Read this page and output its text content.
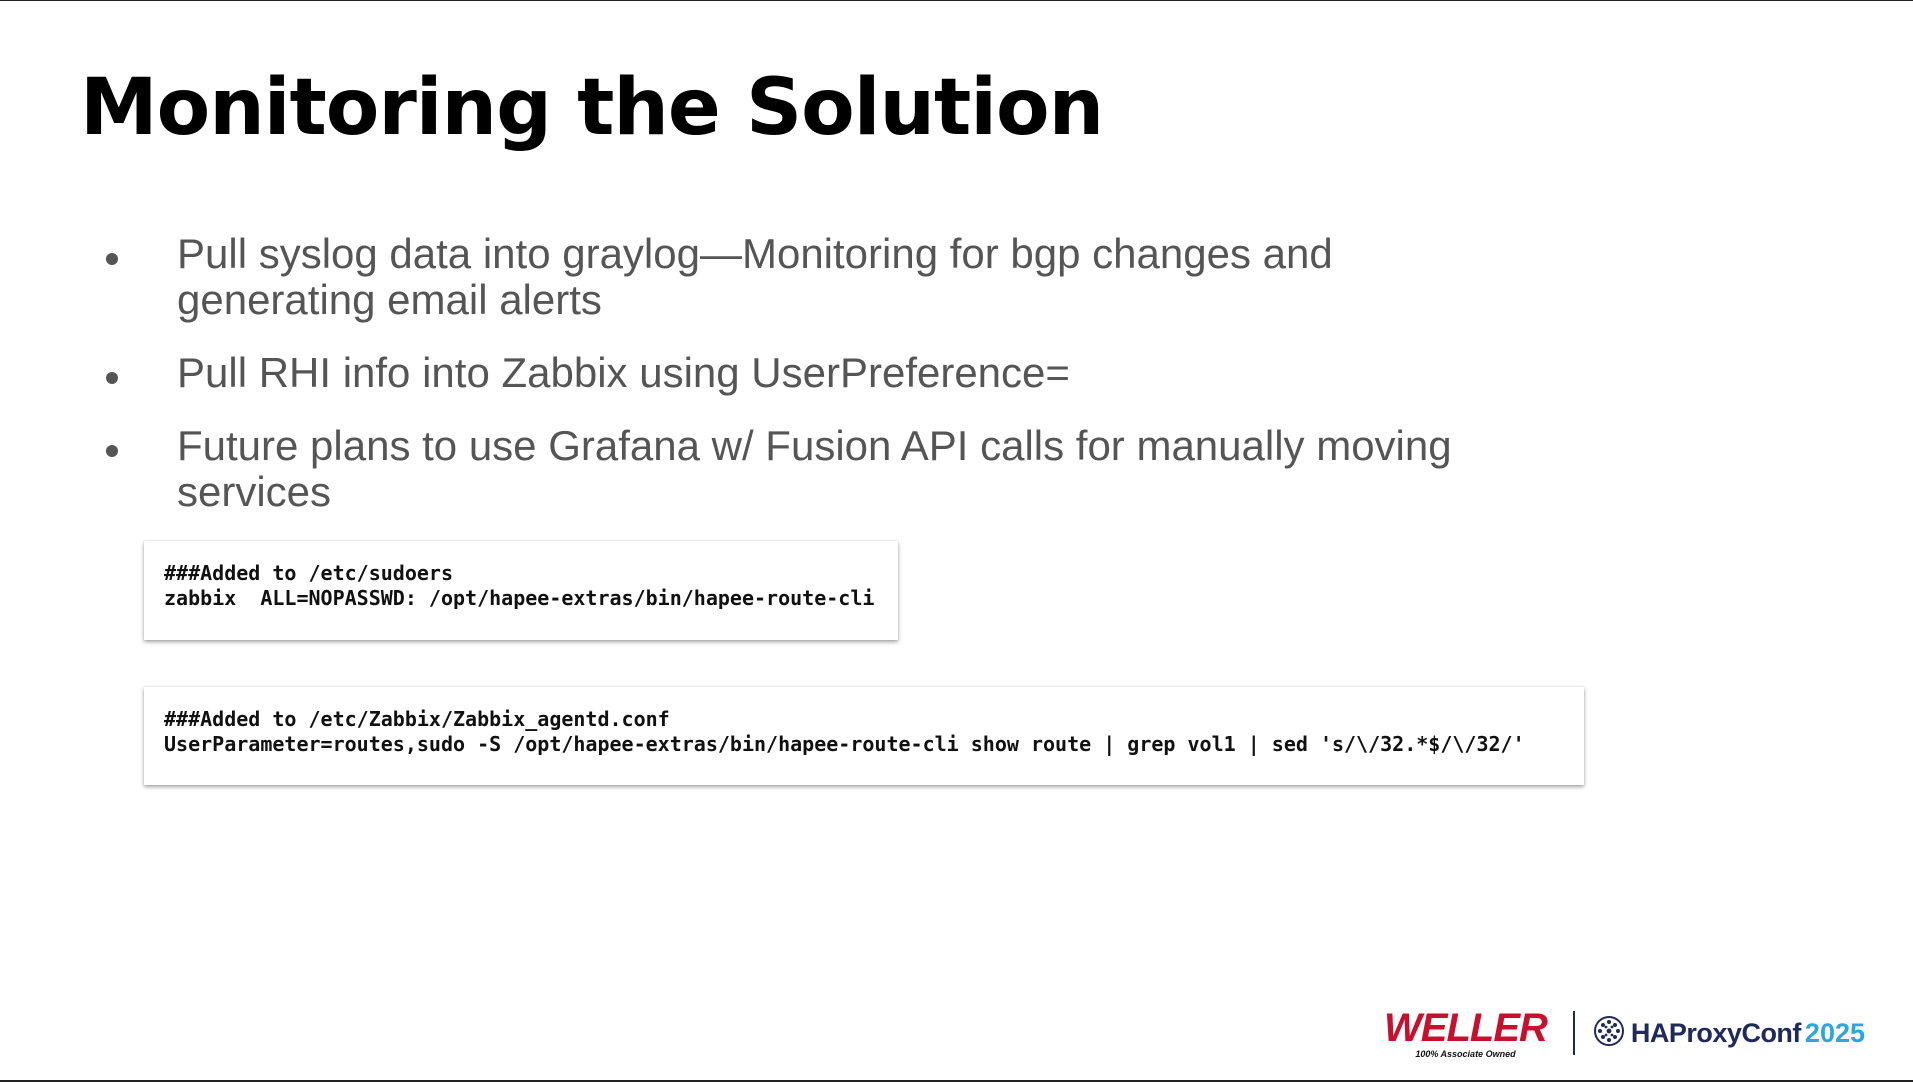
Monitoring the Solution
Pull syslog data into graylog—Monitoring for bgp changes and generating email alerts
Pull RHI info into Zabbix using UserPreference=
Future plans to use Grafana w/ Fusion API calls for manually moving services
###Added to /etc/sudoers
zabbix  ALL=NOPASSWD: /opt/hapee-extras/bin/hapee-route-cli
###Added to /etc/Zabbix/Zabbix_agentd.conf
UserParameter=routes,sudo -S /opt/hapee-extras/bin/hapee-route-cli show route | grep vol1 | sed 's/\/32.*$/\/32/'
WELLER
100% Associate Owned
HAProxyConf 2025
